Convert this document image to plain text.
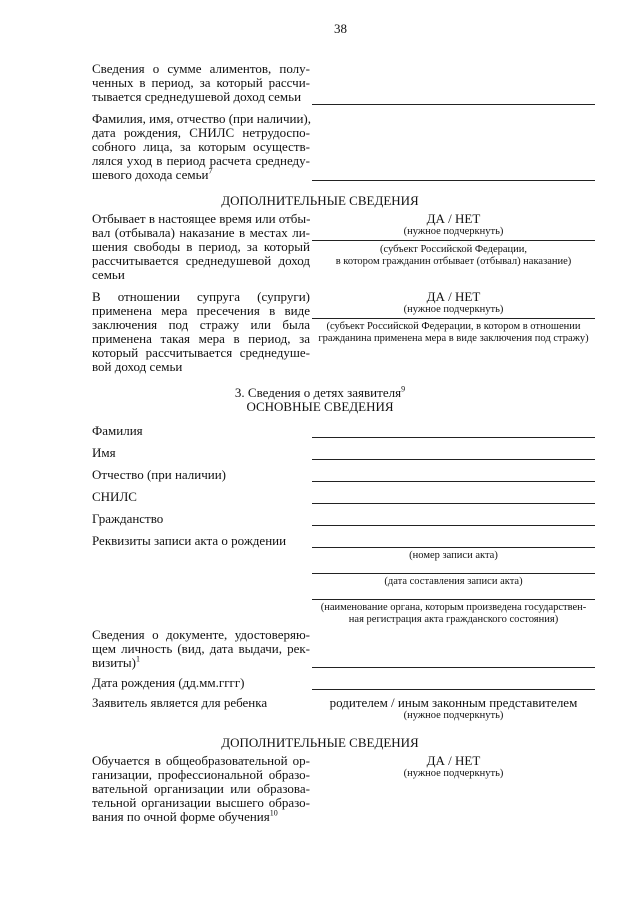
38
Сведения о сумме алиментов, полу-
ченных в период, за который рассчи-
тывается среднедушевой доход семьи
Фамилия, имя, отчество (при наличии),
дата рождения, СНИЛС нетрудоспо-
собного лица, за которым осуществ-
лялся уход в период расчета среднеду-
шевого дохода семьи$^7$
ДОПОЛНИТЕЛЬНЫЕ СВЕДЕНИЯ
Отбывает в настоящее время или отбы-
вал (отбывала) наказание в местах ли-
шения свободы в период, за который
рассчитывается среднедушевой доход
семьи
ДА / НЕТ
(нужное подчеркнуть)
(субъект Российской Федерации,
в котором гражданин отбывает (отбывал) наказание)
В отношении супруга (супруги)
применена мера пресечения в виде
заключения под стражу или была
применена такая мера в период, за
который рассчитывается среднедуше-
вой доход семьи
ДА / НЕТ
(нужное подчеркнуть)
(субъект Российской Федерации, в котором в отношении
гражданина применена мера в виде заключения под стражу)
3. Сведения о детях заявителя$^9$
ОСНОВНЫЕ СВЕДЕНИЯ
Фамилия
Имя
Отчество (при наличии)
СНИЛС
Гражданство
Реквизиты записи акта о рождении
(номер записи акта)
(дата составления записи акта)
(наименование органа, которым произведена государствен-
ная регистрация акта гражданского состояния)
Сведения о документе, удостоверяю-
щем личность (вид, дата выдачи, рек-
визиты)$^1$
Дата рождения (дд.мм.гггг)
Заявитель является для ребенка	родителем / иным законным представителем
(нужное подчеркнуть)
ДОПОЛНИТЕЛЬНЫЕ СВЕДЕНИЯ
Обучается в общеобразовательной ор-
ганизации, профессиональной образо-
вательной организации или образова-
тельной организации высшего образо-
вания по очной форме обучения$^{10}$
ДА / НЕТ
(нужное подчеркнуть)
